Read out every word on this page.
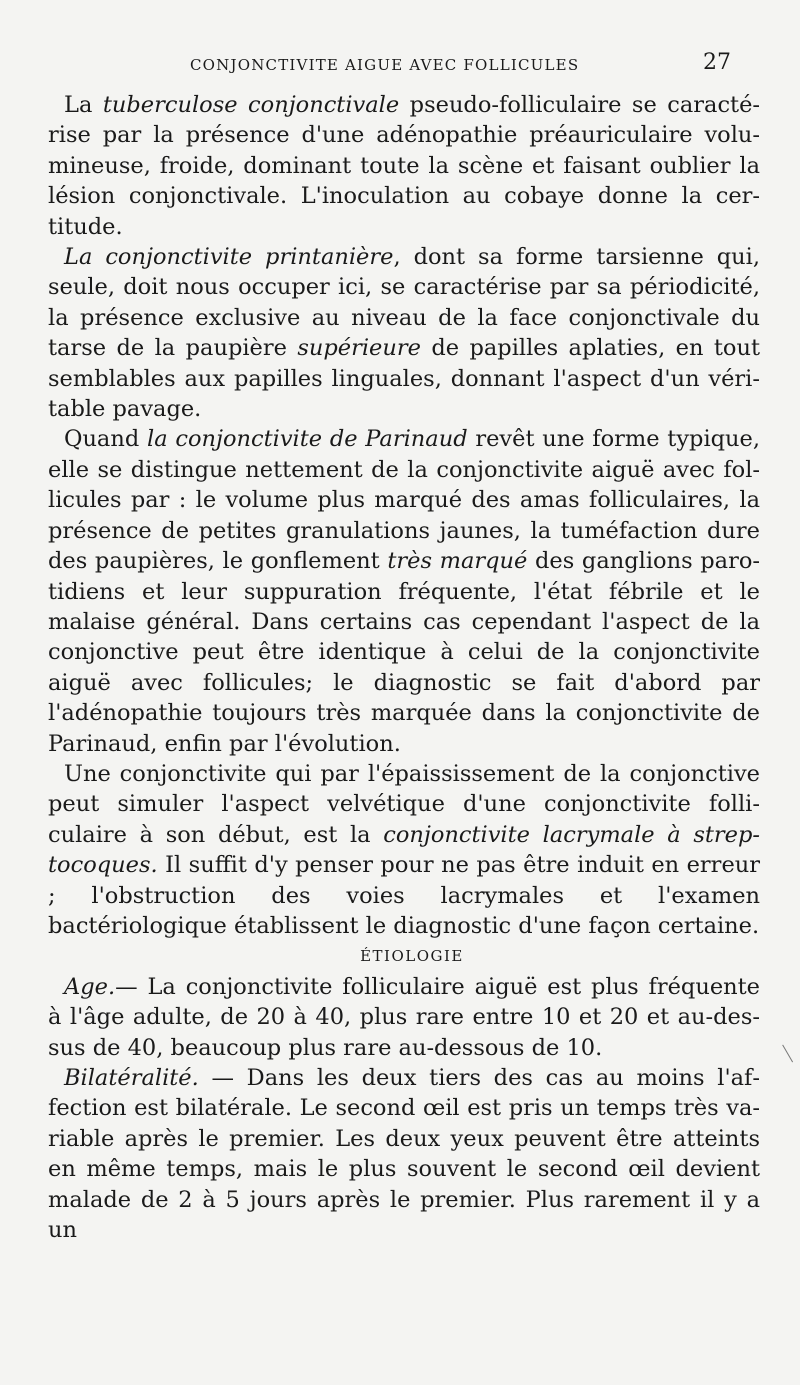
CONJONCTIVITE AIGUE AVEC FOLLICULES	27

La tuberculose conjonctivale pseudo-folliculaire se caractérise par la présence d'une adénopathie préauriculaire volumineuse, froide, dominant toute la scène et faisant oublier la lésion conjonctivale. L'inoculation au cobaye donne la certitude.

La conjonctivite printanière, dont sa forme tarsienne qui, seule, doit nous occuper ici, se caractérise par sa périodicité, la présence exclusive au niveau de la face conjonctivale du tarse de la paupière supérieure de papilles aplaties, en tout semblables aux papilles linguales, donnant l'aspect d'un véritable pavage.

Quand la conjonctivite de Parinaud revêt une forme typique, elle se distingue nettement de la conjonctivite aiguë avec follicules par : le volume plus marqué des amas folliculaires, la présence de petites granulations jaunes, la tuméfaction dure des paupières, le gonflement très marqué des ganglions parotidiens et leur suppuration fréquente, l'état fébrile et le malaise général. Dans certains cas cependant l'aspect de la conjonctive peut être identique à celui de la conjonctivite aiguë avec follicules; le diagnostic se fait d'abord par l'adénopathie toujours très marquée dans la conjonctivite de Parinaud, enfin par l'évolution.

Une conjonctivite qui par l'épaississement de la conjonctive peut simuler l'aspect velvétique d'une conjonctivite folliculaire à son début, est la conjonctivite lacrymale à streptocoques. Il suffit d'y penser pour ne pas être induit en erreur ; l'obstruction des voies lacrymales et l'examen bactériologique établissent le diagnostic d'une façon certaine.

ÉTIOLOGIE

Age.— La conjonctivite folliculaire aiguë est plus fréquente à l'âge adulte, de 20 à 40, plus rare entre 10 et 20 et au-dessus de 40, beaucoup plus rare au-dessous de 10.

Bilatéralité. — Dans les deux tiers des cas au moins l'affection est bilatérale. Le second œil est pris un temps très variable après le premier. Les deux yeux peuvent être atteints en même temps, mais le plus souvent le second œil devient malade de 2 à 5 jours après le premier. Plus rarement il y a un
